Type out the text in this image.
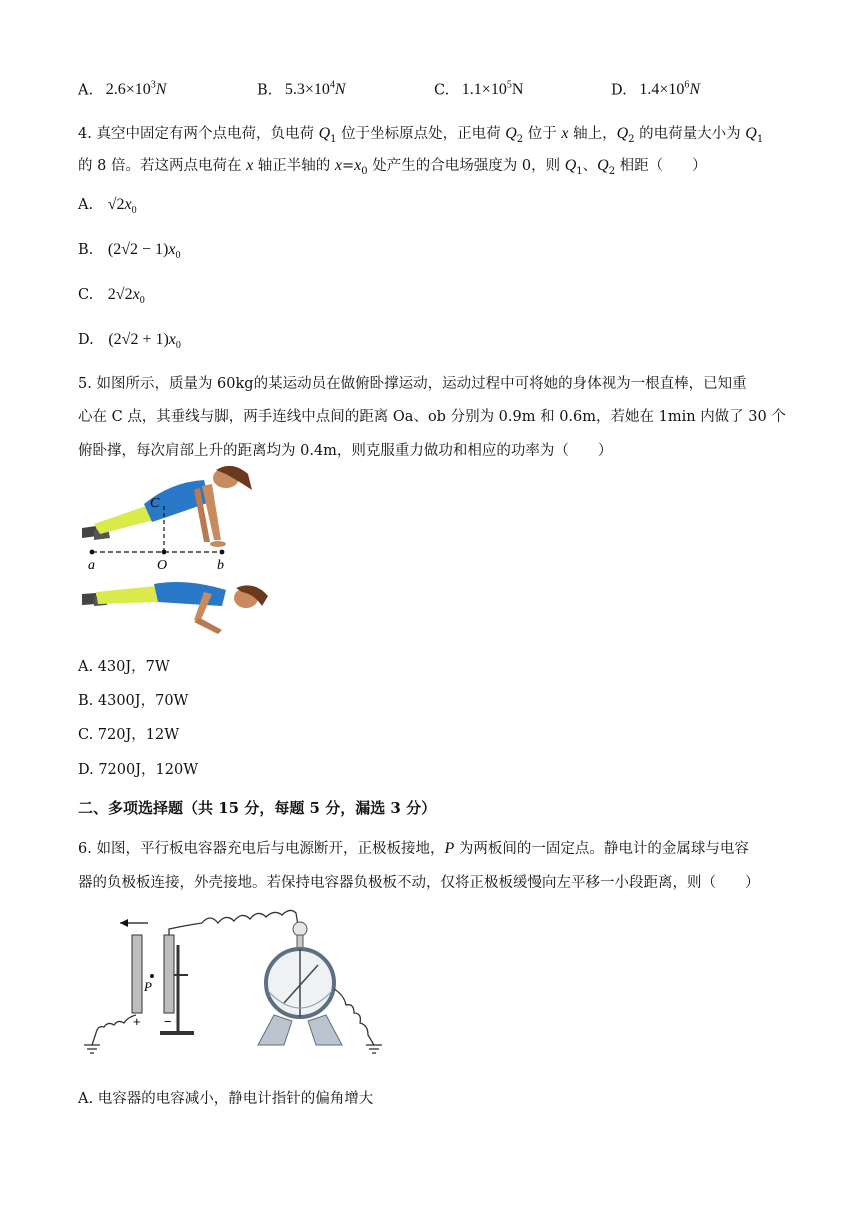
A. $2.6\times 10^3N$	B. $5.3\times 10^4N$	C. $1.1\times 10^5N$	D. $1.4\times 10^6N$
4. 真空中固定有两个点电荷，负电荷 $Q_1$ 位于坐标原点处，正电荷 $Q_2$ 位于 x 轴上，$Q_2$ 的电荷量大小为 $Q_1$
的 8 倍。若这两点电荷在 x 轴正半轴的 $x=x_0$ 处产生的合电场强度为 0，则 $Q_1$、$Q_2$ 相距（　　）
A. $√2x_0$
B. $(2√2 - 1)x_0$
C. $2√2x_0$
D. $(2√2 + 1)x_0$
5. 如图所示，质量为 60kg的某运动员在做俯卧撑运动，运动过程中可将她的身体视为一根直棒，已知重
心在 C 点，其垂线与脚，两手连线中点间的距离 Oa、ob 分别为 0.9m 和 0.6m，若她在 1min 内做了 30 个
俯卧撑，每次肩部上升的距离均为 0.4m，则克服重力做功和相应的功率为（　　）
C
a	O	b
A. 430J，7W
B. 4300J，70W
C. 720J，12W
D. 7200J，120W
二、多项选择题（共 15 分，每题 5 分，漏选 3 分）
6. 如图，平行板电容器充电后与电源断开，正极板接地，P 为两板间的一固定点。静电计的金属球与电容
器的负极板连接，外壳接地。若保持电容器负极板不动，仅将正极板缓慢向左平移一小段距离，则（　　）
P
+ −
A. 电容器的电容减小，静电计指针的偏角增大
